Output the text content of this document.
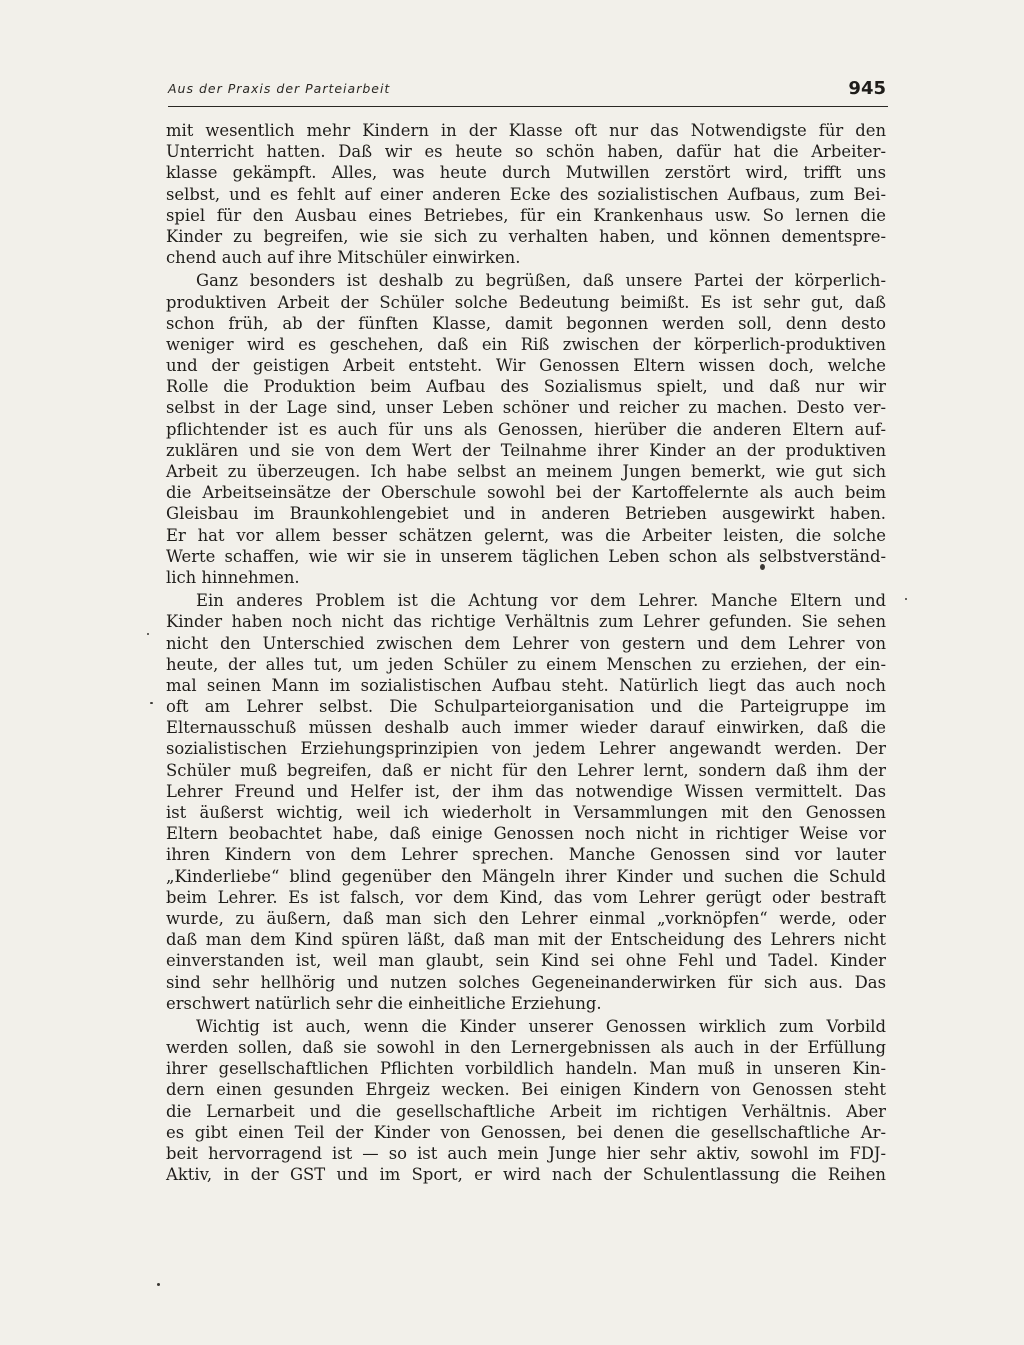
Aus der Praxis der Parteiarbeit	945
mit wesentlich mehr Kindern in der Klasse oft nur das Notwendigste für den
Unterricht hatten. Daß wir es heute so schön haben, dafür hat die Arbeiter-
klasse gekämpft. Alles, was heute durch Mutwillen zerstört wird, trifft uns
selbst, und es fehlt auf einer anderen Ecke des sozialistischen Aufbaus, zum Bei-
spiel für den Ausbau eines Betriebes, für ein Krankenhaus usw. So lernen die
Kinder zu begreifen, wie sie sich zu verhalten haben, und können dementspre-
chend auch auf ihre Mitschüler einwirken.
Ganz besonders ist deshalb zu begrüßen, daß unsere Partei der körperlich-
produktiven Arbeit der Schüler solche Bedeutung beimißt. Es ist sehr gut, daß
schon früh, ab der fünften Klasse, damit begonnen werden soll, denn desto
weniger wird es geschehen, daß ein Riß zwischen der körperlich-produktiven
und der geistigen Arbeit entsteht. Wir Genossen Eltern wissen doch, welche
Rolle die Produktion beim Aufbau des Sozialismus spielt, und daß nur wir
selbst in der Lage sind, unser Leben schöner und reicher zu machen. Desto ver-
pflichtender ist es auch für uns als Genossen, hierüber die anderen Eltern auf-
zuklären und sie von dem Wert der Teilnahme ihrer Kinder an der produktiven
Arbeit zu überzeugen. Ich habe selbst an meinem Jungen bemerkt, wie gut sich
die Arbeitseinsätze der Oberschule sowohl bei der Kartoffelernte als auch beim
Gleisbau im Braunkohlengebiet und in anderen Betrieben ausgewirkt haben.
Er hat vor allem besser schätzen gelernt, was die Arbeiter leisten, die solche
Werte schaffen, wie wir sie in unserem täglichen Leben schon als selbstverständ-
lich hinnehmen.
Ein anderes Problem ist die Achtung vor dem Lehrer. Manche Eltern und
Kinder haben noch nicht das richtige Verhältnis zum Lehrer gefunden. Sie sehen
nicht den Unterschied zwischen dem Lehrer von gestern und dem Lehrer von
heute, der alles tut, um jeden Schüler zu einem Menschen zu erziehen, der ein-
mal seinen Mann im sozialistischen Aufbau steht. Natürlich liegt das auch noch
oft am Lehrer selbst. Die Schulparteiorganisation und die Parteigruppe im
Elternausschuß müssen deshalb auch immer wieder darauf einwirken, daß die
sozialistischen Erziehungsprinzipien von jedem Lehrer angewandt werden. Der
Schüler muß begreifen, daß er nicht für den Lehrer lernt, sondern daß ihm der
Lehrer Freund und Helfer ist, der ihm das notwendige Wissen vermittelt. Das
ist äußerst wichtig, weil ich wiederholt in Versammlungen mit den Genossen
Eltern beobachtet habe, daß einige Genossen noch nicht in richtiger Weise vor
ihren Kindern von dem Lehrer sprechen. Manche Genossen sind vor lauter
„Kinderliebe“ blind gegenüber den Mängeln ihrer Kinder und suchen die Schuld
beim Lehrer. Es ist falsch, vor dem Kind, das vom Lehrer gerügt oder bestraft
wurde, zu äußern, daß man sich den Lehrer einmal „vorknöpfen“ werde, oder
daß man dem Kind spüren läßt, daß man mit der Entscheidung des Lehrers nicht
einverstanden ist, weil man glaubt, sein Kind sei ohne Fehl und Tadel. Kinder
sind sehr hellhörig und nutzen solches Gegeneinanderwirken für sich aus. Das
erschwert natürlich sehr die einheitliche Erziehung.
Wichtig ist auch, wenn die Kinder unserer Genossen wirklich zum Vorbild
werden sollen, daß sie sowohl in den Lernergebnissen als auch in der Erfüllung
ihrer gesellschaftlichen Pflichten vorbildlich handeln. Man muß in unseren Kin-
dern einen gesunden Ehrgeiz wecken. Bei einigen Kindern von Genossen steht
die Lernarbeit und die gesellschaftliche Arbeit im richtigen Verhältnis. Aber
es gibt einen Teil der Kinder von Genossen, bei denen die gesellschaftliche Ar-
beit hervorragend ist — so ist auch mein Junge hier sehr aktiv, sowohl im FDJ-
Aktiv, in der GST und im Sport, er wird nach der Schulentlassung die Reihen
